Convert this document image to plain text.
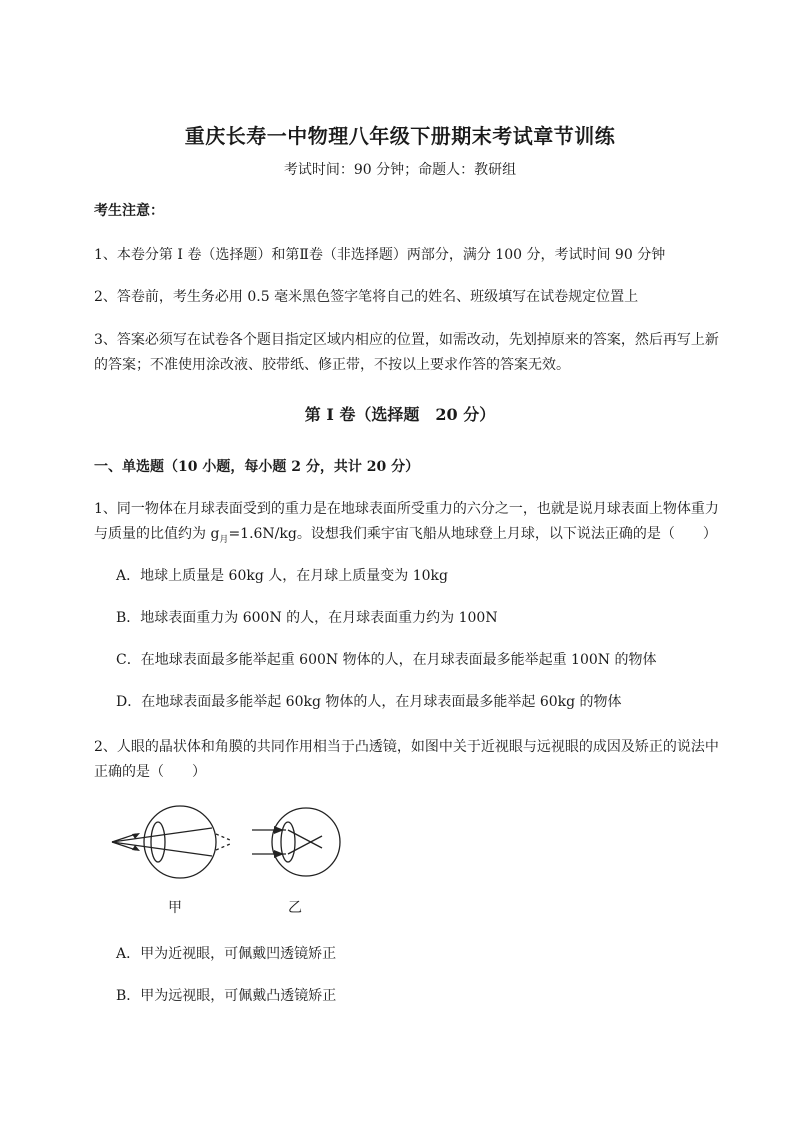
重庆长寿一中物理八年级下册期末考试章节训练
考试时间：90 分钟；命题人：教研组
考生注意：
1、本卷分第 I 卷（选择题）和第Ⅱ卷（非选择题）两部分，满分 100 分，考试时间 90 分钟
2、答卷前，考生务必用 0.5 毫米黑色签字笔将自己的姓名、班级填写在试卷规定位置上
3、答案必须写在试卷各个题目指定区域内相应的位置，如需改动，先划掉原来的答案，然后再写上新
的答案；不准使用涂改液、胶带纸、修正带，不按以上要求作答的答案无效。
第 I 卷（选择题　20 分）
一、单选题（10 小题，每小题 2 分，共计 20 分）
1、同一物体在月球表面受到的重力是在地球表面所受重力的六分之一，也就是说月球表面上物体重力
与质量的比值约为 $g_月=1.6N/kg$。设想我们乘宇宙飞船从地球登上月球，以下说法正确的是（　　）
A．地球上质量是 60kg 人，在月球上质量变为 10kg
B．地球表面重力为 600N 的人，在月球表面重力约为 100N
C．在地球表面最多能举起重 600N 物体的人，在月球表面最多能举起重 100N 的物体
D．在地球表面最多能举起 60kg 物体的人，在月球表面最多能举起 60kg 的物体
2、人眼的晶状体和角膜的共同作用相当于凸透镜，如图中关于近视眼与远视眼的成因及矫正的说法中
正确的是（　　）
甲	乙
A．甲为近视眼，可佩戴凹透镜矫正
B．甲为远视眼，可佩戴凸透镜矫正
